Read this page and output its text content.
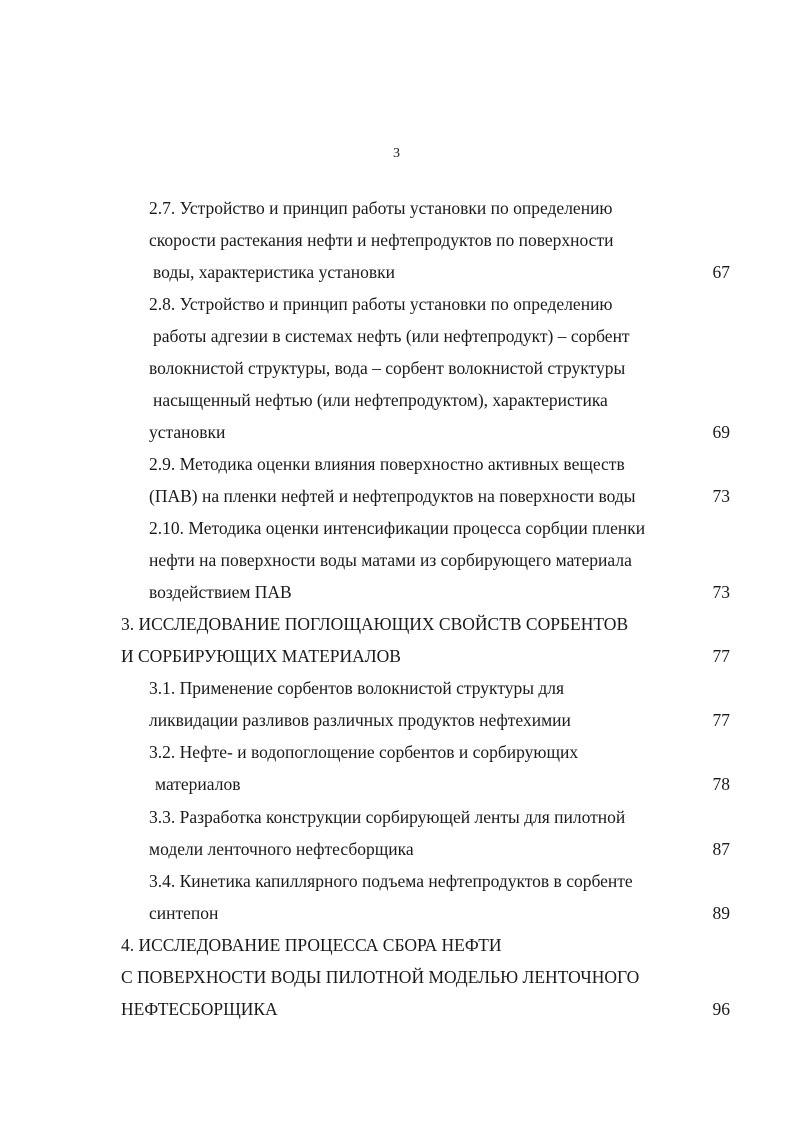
3
2.7. Устройство и принцип работы установки по определению
скорости растекания нефти и нефтепродуктов по поверхности
воды, характеристика установки	67
2.8. Устройство и принцип работы установки по определению
работы адгезии в системах нефть (или нефтепродукт) – сорбент
волокнистой структуры, вода – сорбент волокнистой структуры
насыщенный нефтью (или нефтепродуктом), характеристика
установки	69
2.9. Методика оценки влияния поверхностно активных веществ
(ПАВ) на пленки нефтей и нефтепродуктов на поверхности воды	73
2.10. Методика оценки интенсификации процесса сорбции пленки
нефти на поверхности воды матами из сорбирующего материала
воздействием ПАВ	73
3. ИССЛЕДОВАНИЕ ПОГЛОЩАЮЩИХ СВОЙСТВ СОРБЕНТОВ
И СОРБИРУЮЩИХ МАТЕРИАЛОВ	77
3.1. Применение сорбентов волокнистой структуры для
ликвидации разливов различных продуктов нефтехимии	77
3.2. Нефте- и водопоглощение сорбентов и сорбирующих
материалов	78
3.3. Разработка конструкции сорбирующей ленты для пилотной
модели ленточного нефтесборщика	87
3.4. Кинетика капиллярного подъема нефтепродуктов в сорбенте
синтепон	89
4. ИССЛЕДОВАНИЕ ПРОЦЕССА СБОРА НЕФТИ
С ПОВЕРХНОСТИ ВОДЫ ПИЛОТНОЙ МОДЕЛЬЮ ЛЕНТОЧНОГО
НЕФТЕСБОРЩИКА	96
